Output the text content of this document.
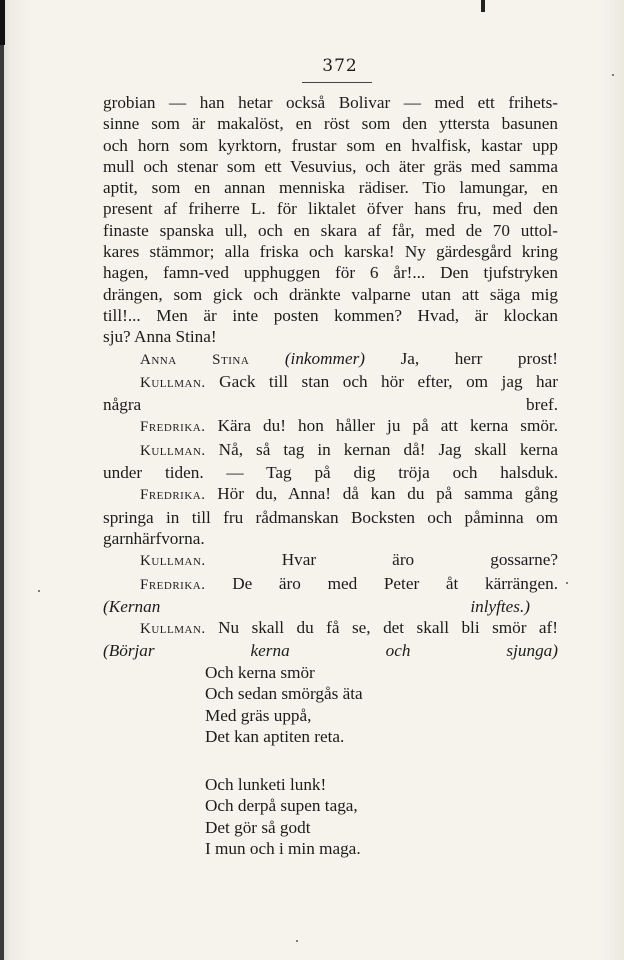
372
grobian — han hetar också Bolivar — med ett frihets-
sinne som är makalöst, en röst som den yttersta basunen
och horn som kyrktorn, frustar som en hvalfisk, kastar upp
mull och stenar som ett Vesuvius, och äter gräs med samma
aptit, som en annan menniska rädiser. Tio lamungar, en
present af friherre L. för liktalet öfver hans fru, med den
finaste spanska ull, och en skara af får, med de 70 uttol-
kares stämmor; alla friska och karska! Ny gärdesgård kring
hagen, famn-ved upphuggen för 6 år!... Den tjufstryken
drängen, som gick och dränkte valparne utan att säga mig
till!... Men är inte posten kommen? Hvad, är klockan
sju? Anna Stina!
Anna Stina (inkommer) Ja, herr prost!
Kullman. Gack till stan och hör efter, om jag har
några bref.
Fredrika. Kära du! hon håller ju på att kerna smör.
Kullman. Nå, så tag in kernan då! Jag skall kerna
under tiden. — Tag på dig tröja och halsduk.
Fredrika. Hör du, Anna! då kan du på samma gång
springa in till fru rådmanskan Bocksten och påminna om
garnhärfvorna.
Kullman.	Hvar äro gossarne?
Fredrika. De äro med Peter åt kärrängen.
(Kernan inlyftes.)
Kullman. Nu skall du få se, det skall bli smör af!
(Börjar kerna och sjunga)
Och kerna smör
Och sedan smörgås äta
Med gräs uppå,
Det kan aptiten reta.
Och lunketi lunk!
Och derpå supen taga,
Det gör så godt
I mun och i min maga.
